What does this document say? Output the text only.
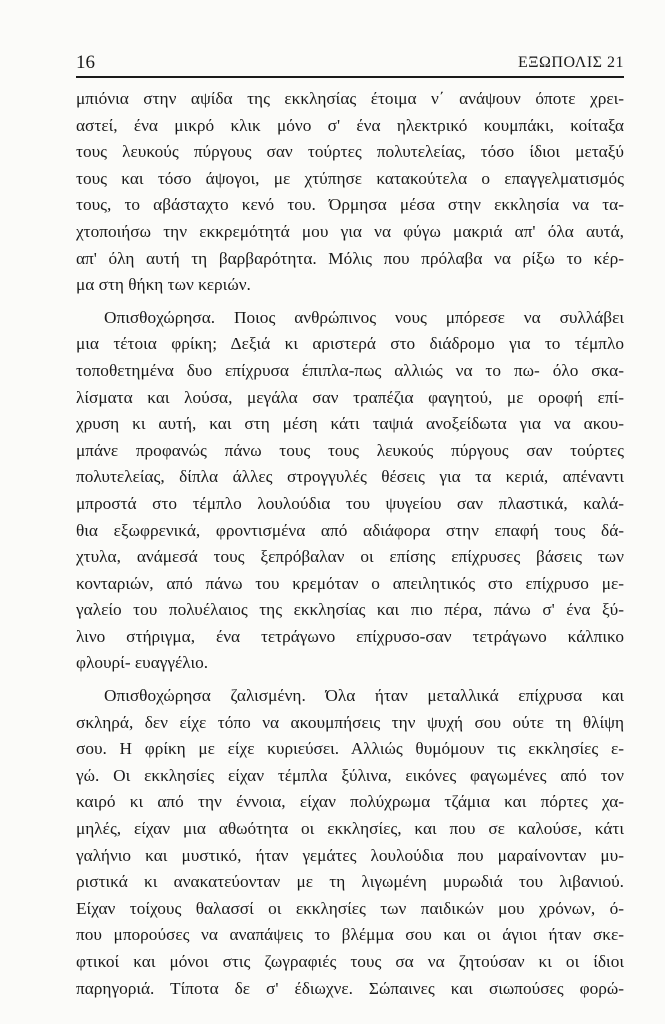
16	ΕΞΩΠΟΛΙΣ 21
μπιόνια στην αψίδα της εκκλησίας έτοιμα ν΄ ανάψουν όποτε χρει-
αστεί, ένα μικρό κλικ μόνο σ' ένα ηλεκτρικό κουμπάκι, κοίταξα
τους λευκούς πύργους σαν τούρτες πολυτελείας, τόσο ίδιοι μεταξύ
τους και τόσο άψογοι, με χτύπησε κατακούτελα ο επαγγελματισμός
τους, το αβάσταχτο κενό του. Όρμησα μέσα στην εκκλησία να τα-
χτοποιήσω την εκκρεμότητά μου για να φύγω μακριά απ' όλα αυτά,
απ' όλη αυτή τη βαρβαρότητα. Μόλις που πρόλαβα να ρίξω το κέρ-
μα στη θήκη των κεριών.
Οπισθοχώρησα. Ποιος ανθρώπινος νους μπόρεσε να συλλάβει
μια τέτοια φρίκη; Δεξιά κι αριστερά στο διάδρομο για το τέμπλο
τοποθετημένα δυο επίχρυσα έπιπλα-πως αλλιώς να το πω- όλο σκα-
λίσματα και λούσα, μεγάλα σαν τραπέζια φαγητού, με οροφή επί-
χρυση κι αυτή, και στη μέση κάτι ταψιά ανοξείδωτα για να ακου-
μπάνε προφανώς πάνω τους τους λευκούς πύργους σαν τούρτες
πολυτελείας, δίπλα άλλες στρογγυλές θέσεις για τα κεριά, απέναντι
μπροστά στο τέμπλο λουλούδια του ψυγείου σαν πλαστικά, καλά-
θια εξωφρενικά, φροντισμένα από αδιάφορα στην επαφή τους δά-
χτυλα, ανάμεσά τους ξεπρόβαλαν οι επίσης επίχρυσες βάσεις των
κονταριών, από πάνω του κρεμόταν ο απειλητικός στο επίχρυσο με-
γαλείο του πολυέλαιος της εκκλησίας και πιο πέρα, πάνω σ' ένα ξύ-
λινο στήριγμα, ένα τετράγωνο επίχρυσο-σαν τετράγωνο κάλπικο
φλουρί- ευαγγέλιο.
Οπισθοχώρησα ζαλισμένη. Όλα ήταν μεταλλικά επίχρυσα και
σκληρά, δεν είχε τόπο να ακουμπήσεις την ψυχή σου ούτε τη θλίψη
σου. Η φρίκη με είχε κυριεύσει. Αλλιώς θυμόμουν τις εκκλησίες ε-
γώ. Οι εκκλησίες είχαν τέμπλα ξύλινα, εικόνες φαγωμένες από τον
καιρό κι από την έννοια, είχαν πολύχρωμα τζάμια και πόρτες χα-
μηλές, είχαν μια αθωότητα οι εκκλησίες, και που σε καλούσε, κάτι
γαλήνιο και μυστικό, ήταν γεμάτες λουλούδια που μαραίνονταν μυ-
ριστικά κι ανακατεύονταν με τη λιγωμένη μυρωδιά του λιβανιού.
Είχαν τοίχους θαλασσί οι εκκλησίες των παιδικών μου χρόνων, ό-
που μπορούσες να αναπάψεις το βλέμμα σου και οι άγιοι ήταν σκε-
φτικοί και μόνοι στις ζωγραφιές τους σα να ζητούσαν κι οι ίδιοι
παρηγοριά. Τίποτα δε σ' έδιωχνε. Σώπαινες και σιωπούσες φορώ-
